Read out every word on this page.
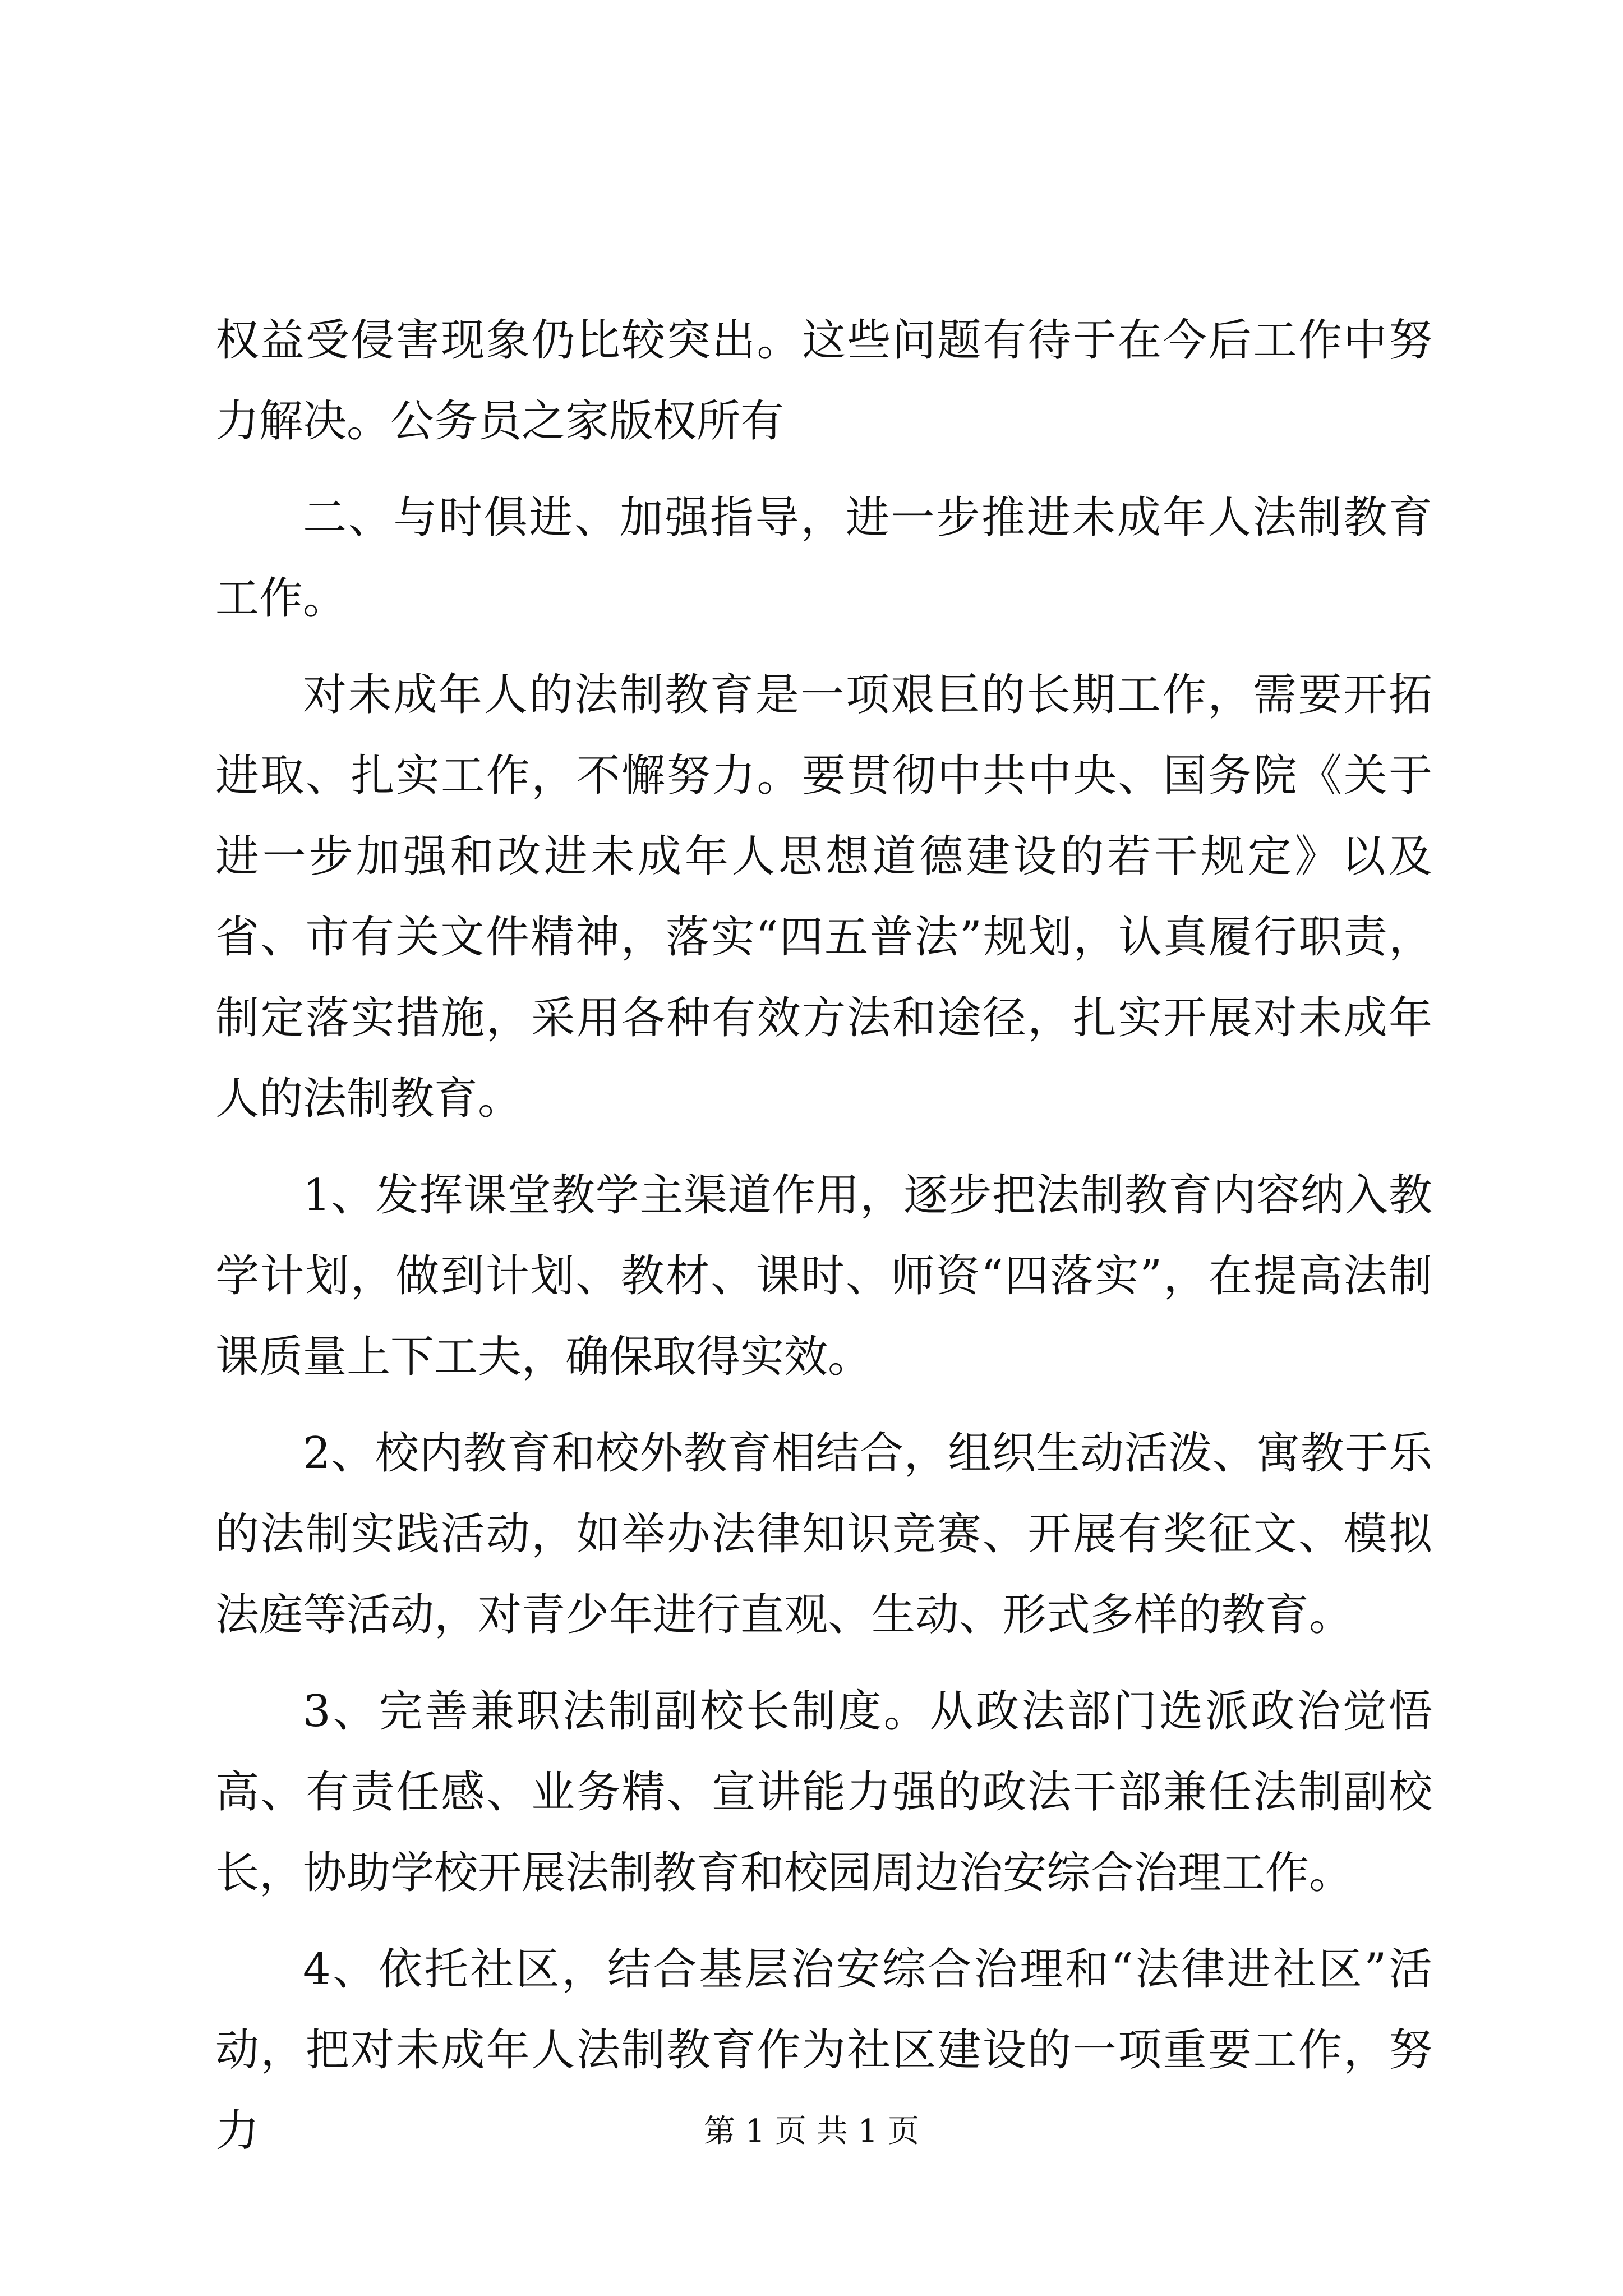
权益受侵害现象仍比较突出。这些问题有待于在今后工作中努力解决。公务员之家版权所有

二、与时俱进、加强指导，进一步推进未成年人法制教育工作。

对未成年人的法制教育是一项艰巨的长期工作，需要开拓进取、扎实工作，不懈努力。要贯彻中共中央、国务院《关于进一步加强和改进未成年人思想道德建设的若干规定》以及省、市有关文件精神，落实“四五普法”规划，认真履行职责，制定落实措施，采用各种有效方法和途径，扎实开展对未成年人的法制教育。

1、发挥课堂教学主渠道作用，逐步把法制教育内容纳入教学计划，做到计划、教材、课时、师资“四落实”，在提高法制课质量上下工夫，确保取得实效。

2、校内教育和校外教育相结合，组织生动活泼、寓教于乐的法制实践活动，如举办法律知识竞赛、开展有奖征文、模拟法庭等活动，对青少年进行直观、生动、形式多样的教育。

3、完善兼职法制副校长制度。从政法部门选派政治觉悟高、有责任感、业务精、宣讲能力强的政法干部兼任法制副校长，协助学校开展法制教育和校园周边治安综合治理工作。

4、依托社区，结合基层治安综合治理和“法律进社区”活动，把对未成年人法制教育作为社区建设的一项重要工作，努力	第 1 页 共 1 页
